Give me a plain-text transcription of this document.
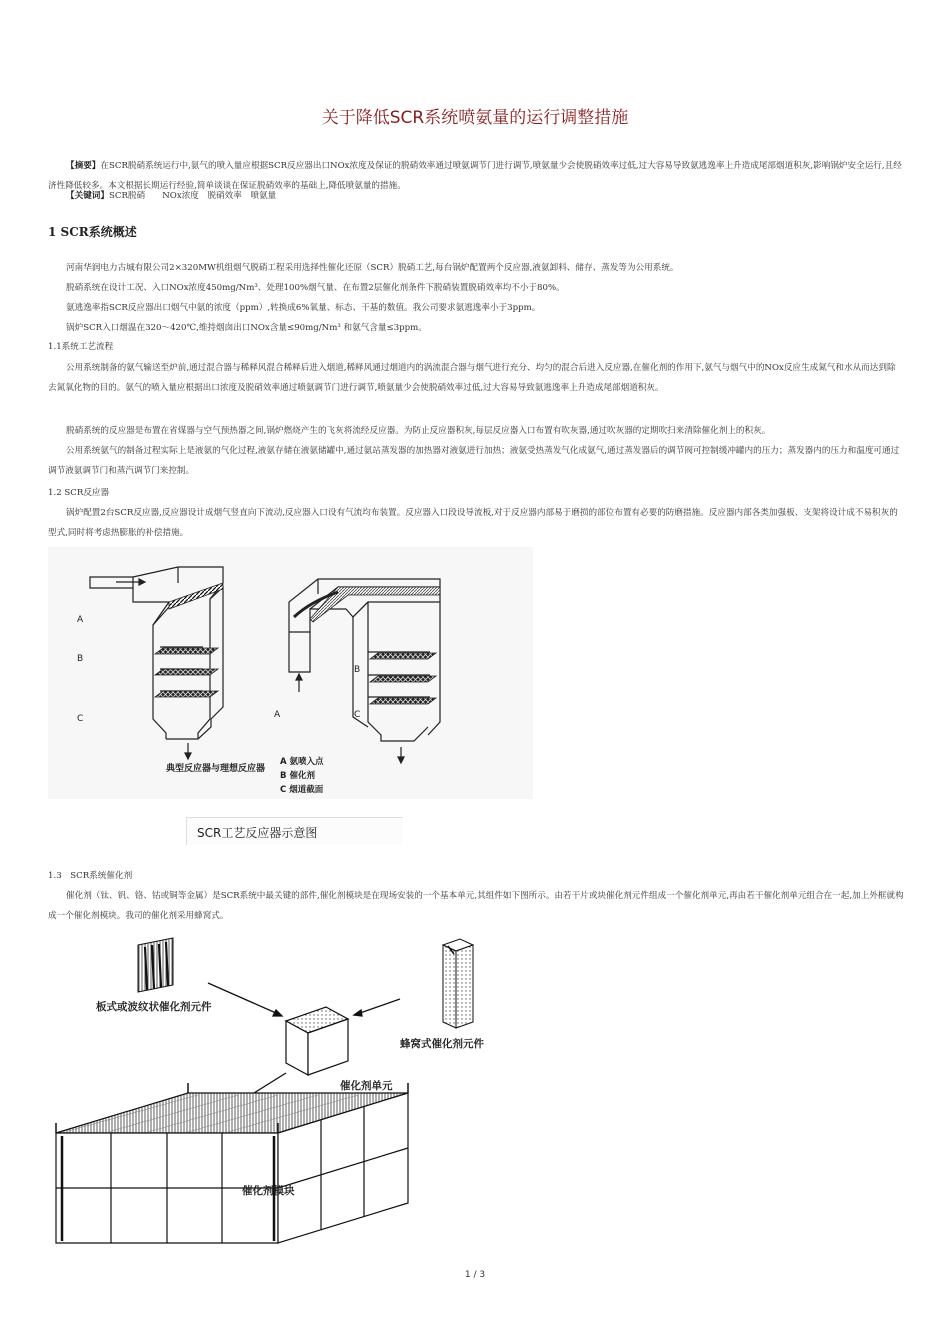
关于降低SCR系统喷氨量的运行调整措施

【摘要】在SCR脱硝系统运行中,氨气的喷入量应根据SCR反应器出口NOx浓度及保证的脱硝效率通过喷氨调节门进行调节,喷氨量少会使脱硝效率过低,过大容易导致氨逃逸率上升造成尾部烟道积灰,影响锅炉安全运行,且经济性降低较多。本文根据长期运行经验,简单谈谈在保证脱硝效率的基础上,降低喷氨量的措施。

【关键词】SCR脱硝　　NOx浓度　脱硝效率　喷氨量

1 SCR系统概述

河南华润电力古城有限公司2×320MW机组烟气脱硝工程采用选择性催化还原（SCR）脱硝工艺,每台锅炉配置两个反应器,液氨卸料、储存、蒸发等为公用系统。

脱硝系统在设计工况、入口NOx浓度450mg/Nm³、处理100%烟气量、在布置2层催化剂条件下脱硝装置脱硝效率均不小于80%。

氨逃逸率指SCR反应器出口烟气中氨的浓度（ppm）,转换成6%氧量、标态、干基的数值。我公司要求氨逃逸率小于3ppm。

锅炉SCR入口烟温在320～420℃,维持烟囱出口NOx含量≤90mg/Nm³ 和氨气含量≤3ppm。

1.1系统工艺流程

公用系统制备的氨气输送至炉前,通过混合器与稀释风混合稀释后进入烟道,稀释风通过烟道内的涡流混合器与烟气进行充分、均匀的混合后进入反应器,在催化剂的作用下,氨气与烟气中的NOx反应生成氮气和水从而达到除去氮氧化物的目的。氨气的喷入量应根据出口浓度及脱硝效率通过喷氨调节门进行调节,喷氨量少会使脱硝效率过低,过大容易导致氨逃逸率上升造成尾部烟道积灰。

脱硝系统的反应器是布置在省煤器与空气预热器之间,锅炉燃烧产生的飞灰将流经反应器。为防止反应器积灰,每层反应器入口布置有吹灰器,通过吹灰器的定期吹扫来清除催化剂上的积灰。

公用系统氨气的制备过程实际上是液氨的气化过程,液氨存储在液氨储罐中,通过氨站蒸发器的加热器对液氨进行加热；液氨受热蒸发气化成氨气,通过蒸发器后的调节阀可控制缓冲罐内的压力；蒸发器内的压力和温度可通过调节液氨调节门和蒸汽调节门来控制。

1.2 SCR反应器

锅炉配置2台SCR反应器,反应器设计成烟气竖直向下流动,反应器入口设有气流均布装置。反应器入口段设导流板,对于反应器内部易于磨损的部位布置有必要的防磨措施。反应器内部各类加强板、支架将设计成不易积灰的型式,同时将考虑热膨胀的补偿措施。

A
B
C	A
B
C
典型反应器与理想反应器
A 氨喷入点
B 催化剂
C 烟道截面
SCR工艺反应器示意图
1.3　SCR系统催化剂

催化剂（钛、钒、铬、钴或铜等金属）是SCR系统中最关键的部件,催化剂模块是在现场安装的一个基本单元,其组件如下图所示。由若干片或块催化剂元件组成一个催化剂单元,再由若干催化剂单元组合在一起,加上外框就构成一个催化剂模块。我司的催化剂采用蜂窝式。

板式或波纹状催化剂元件
蜂窝式催化剂元件
催化剂单元
催化剂模块
1 / 3
